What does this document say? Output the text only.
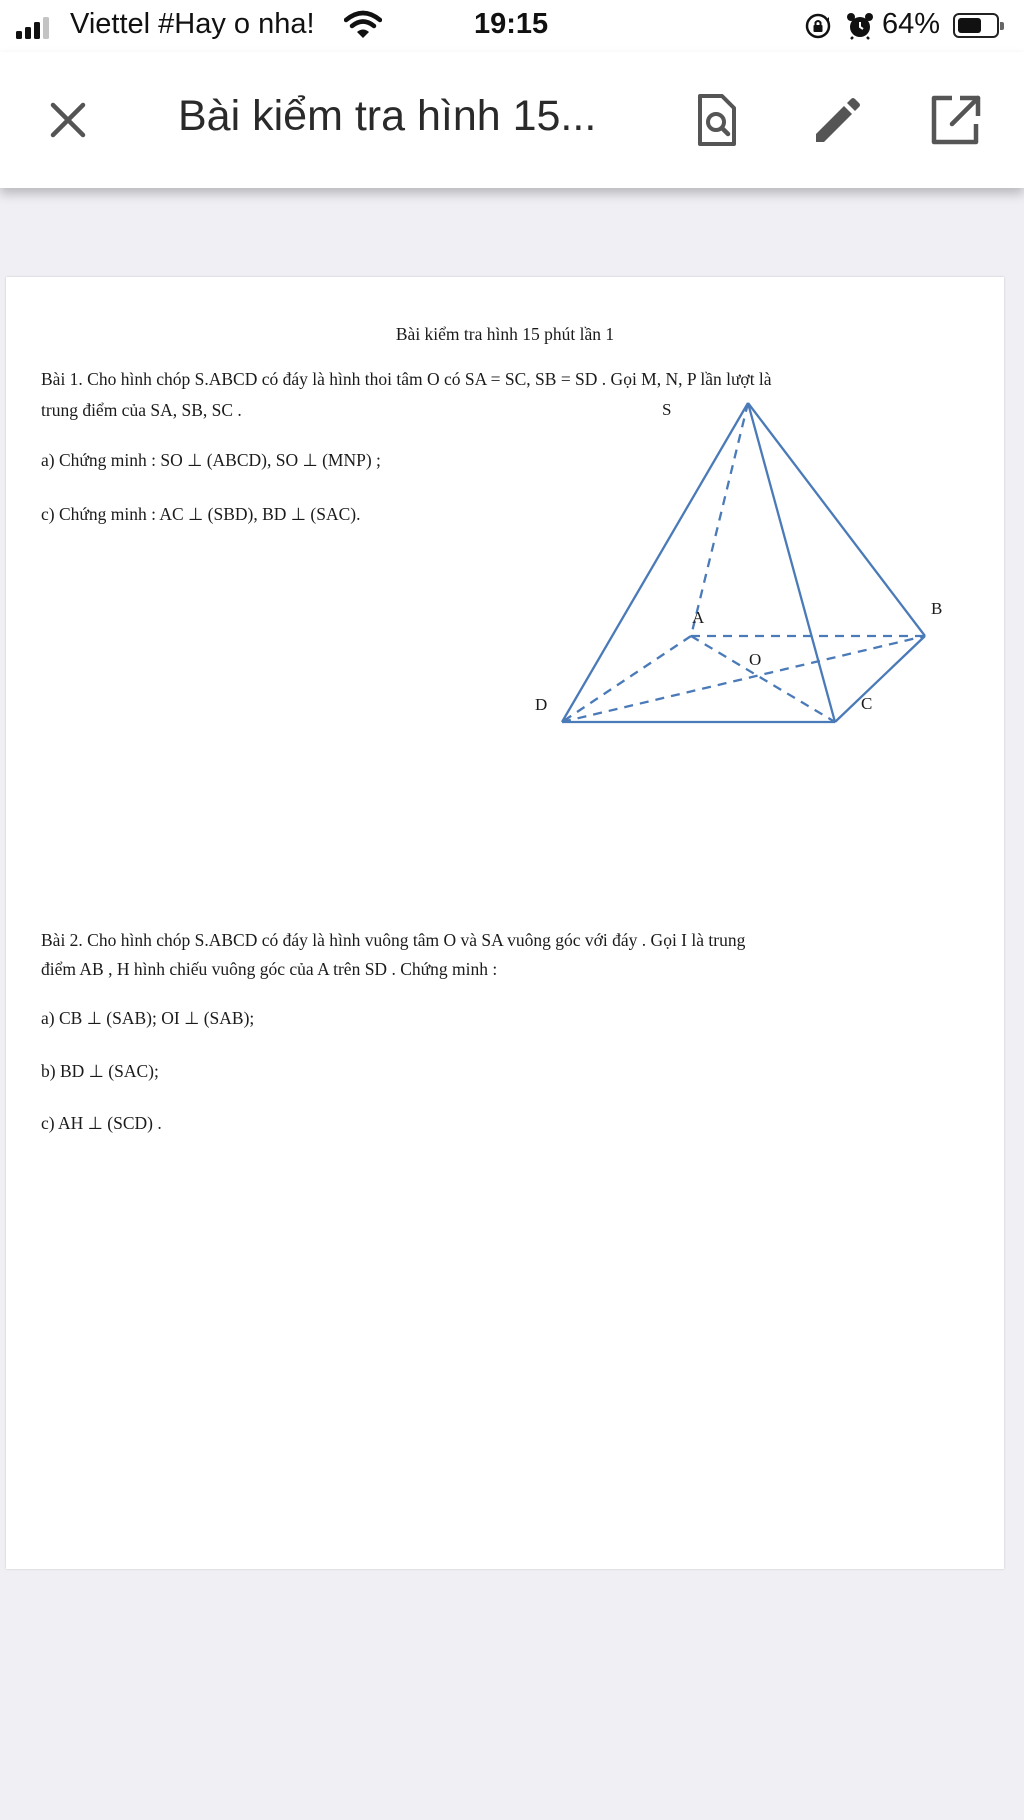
Viettel #Hay o nha!	19:15	64%
Bài kiểm tra hình 15...
Bài kiểm tra hình 15 phút lần 1
Bài 1. Cho hình chóp S.ABCD có đáy là hình thoi tâm O có SA = SC, SB = SD . Gọi M, N, P lần lượt là
trung điểm của SA, SB, SC .
a) Chứng minh : SO ⊥ (ABCD), SO ⊥ (MNP) ;
c) Chứng minh : AC ⊥ (SBD), BD ⊥ (SAC).
S
A	B
O
D	C
Bài 2. Cho hình chóp S.ABCD có đáy là hình vuông tâm O và SA vuông góc với đáy . Gọi I là trung
điểm AB , H hình chiếu vuông góc của A trên SD . Chứng minh :
a) CB ⊥ (SAB); OI ⊥ (SAB);
b) BD ⊥ (SAC);
c) AH ⊥ (SCD) .
